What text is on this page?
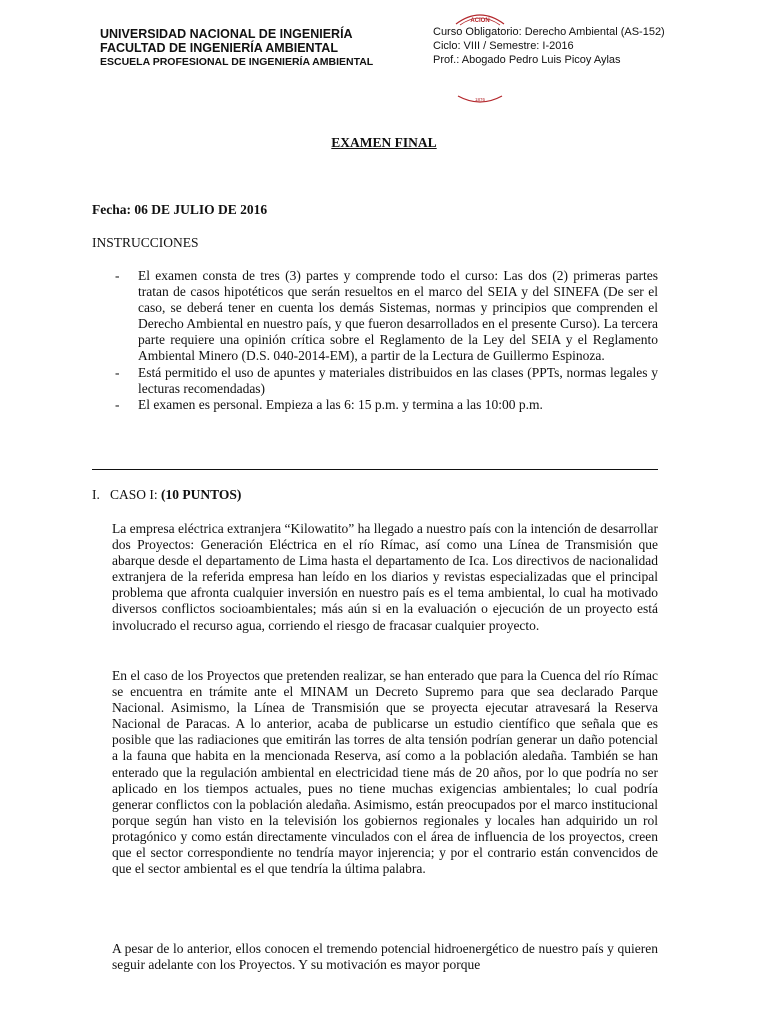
UNIVERSIDAD NACIONAL DE INGENIERÍA
FACULTAD DE INGENIERÍA AMBIENTAL
ESCUELA PROFESIONAL DE INGENIERÍA AMBIENTAL
ACION
Curso Obligatorio: Derecho Ambiental (AS-152)
Ciclo: VIII / Semestre: I-2016
Prof.: Abogado Pedro Luis Picoy Aylas
1876
EXAMEN FINAL
Fecha: 06 DE JULIO DE 2016
INSTRUCCIONES
- El examen consta de tres (3) partes y comprende todo el curso: Las dos (2) primeras partes tratan de casos hipotéticos que serán resueltos en el marco del SEIA y del SINEFA (De ser el caso, se deberá tener en cuenta los demás Sistemas, normas y principios que comprenden el Derecho Ambiental en nuestro país, y que fueron desarrollados en el presente Curso). La tercera parte requiere una opinión crítica sobre el Reglamento de la Ley del SEIA y el Reglamento Ambiental Minero (D.S. 040-2014-EM), a partir de la Lectura de Guillermo Espinoza.
- Está permitido el uso de apuntes y materiales distribuidos en las clases (PPTs, normas legales y lecturas recomendadas)
- El examen es personal. Empieza a las 6: 15 p.m. y termina a las 10:00 p.m.
I. CASO I: (10 PUNTOS)

La empresa eléctrica extranjera “Kilowatito” ha llegado a nuestro país con la intención de desarrollar dos Proyectos: Generación Eléctrica en el río Rímac, así como una Línea de Transmisión que abarque desde el departamento de Lima hasta el departamento de Ica. Los directivos de nacionalidad extranjera de la referida empresa han leído en los diarios y revistas especializadas que el principal problema que afronta cualquier inversión en nuestro país es el tema ambiental, lo cual ha motivado diversos conflictos socioambientales; más aún si en la evaluación o ejecución de un proyecto está involucrado el recurso agua, corriendo el riesgo de fracasar cualquier proyecto.

En el caso de los Proyectos que pretenden realizar, se han enterado que para la Cuenca del río Rímac se encuentra en trámite ante el MINAM un Decreto Supremo para que sea declarado Parque Nacional. Asimismo, la Línea de Transmisión que se proyecta ejecutar atravesará la Reserva Nacional de Paracas. A lo anterior, acaba de publicarse un estudio científico que señala que es posible que las radiaciones que emitirán las torres de alta tensión podrían generar un daño potencial a la fauna que habita en la mencionada Reserva, así como a la población aledaña. También se han enterado que la regulación ambiental en electricidad tiene más de 20 años, por lo que podría no ser aplicado en los tiempos actuales, pues no tiene muchas exigencias ambientales; lo cual podría generar conflictos con la población aledaña. Asimismo, están preocupados por el marco institucional porque según han visto en la televisión los gobiernos regionales y locales han adquirido un rol protagónico y como están directamente vinculados con el área de influencia de los proyectos, creen que el sector correspondiente no tendría mayor injerencia; y por el contrario están convencidos de que el sector ambiental es el que tendría la última palabra.

A pesar de lo anterior, ellos conocen el tremendo potencial hidroenergético de nuestro país y quieren seguir adelante con los Proyectos. Y su motivación es mayor porque
